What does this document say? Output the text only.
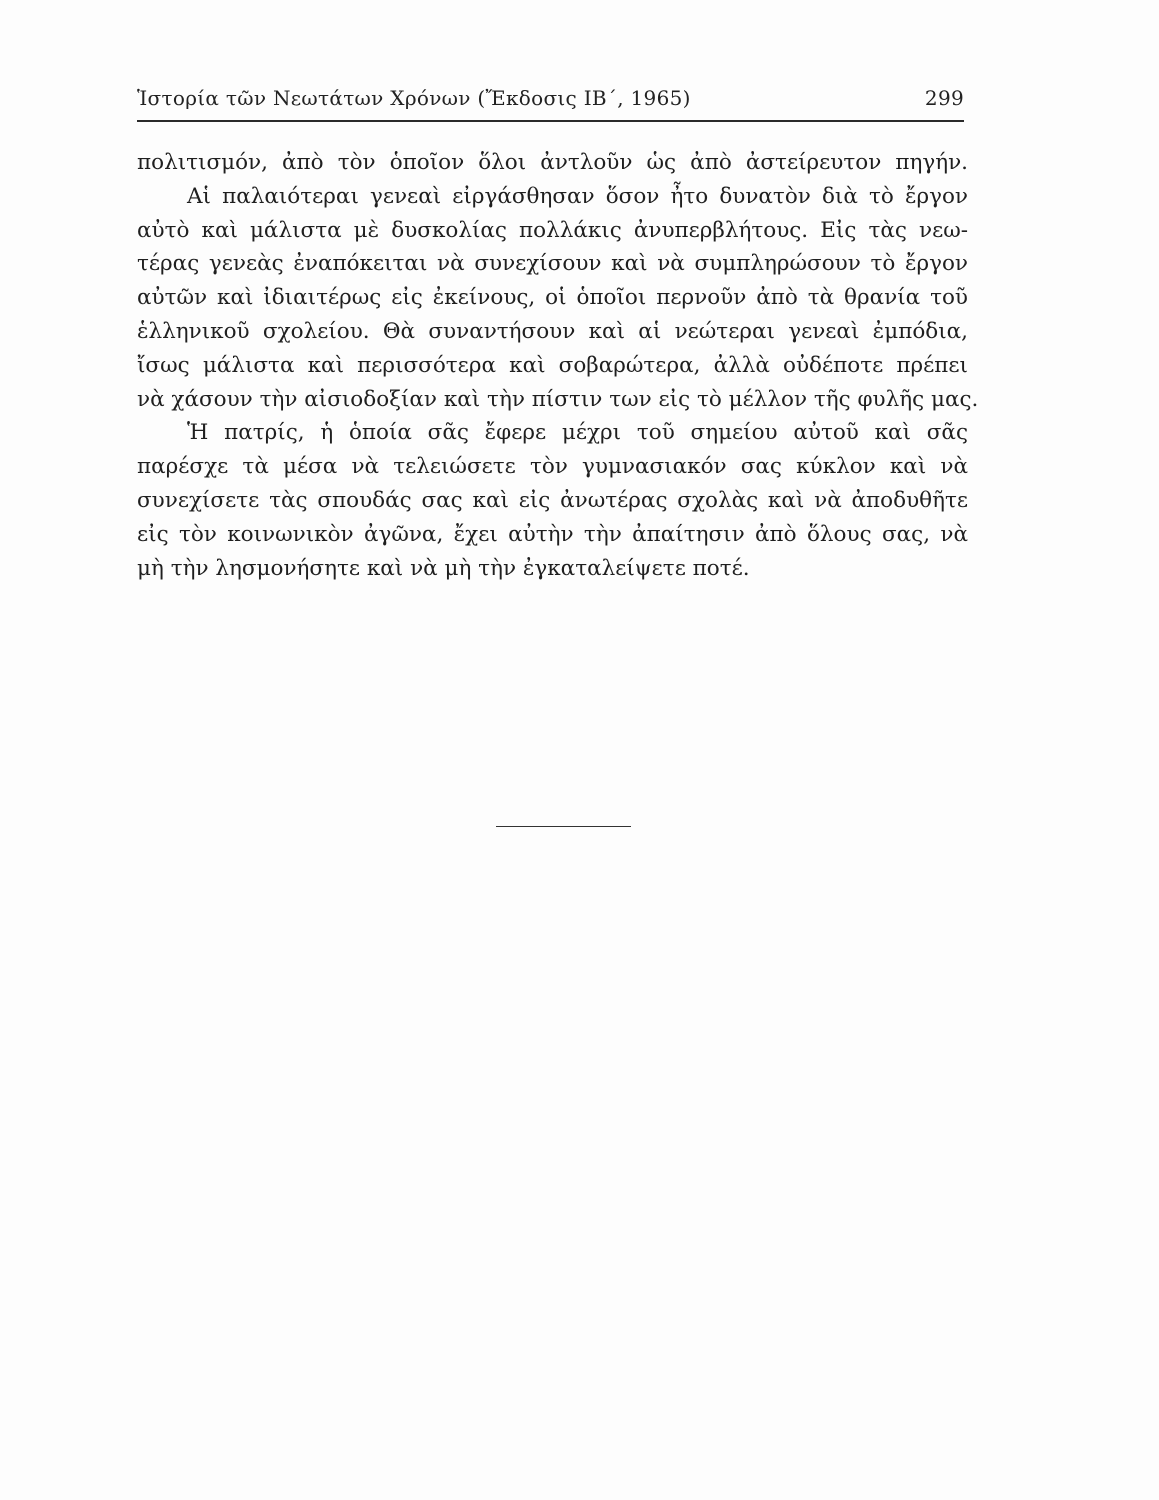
Ἱστορία τῶν Νεωτάτων Χρόνων (Ἔκδοσις ΙΒ΄, 1965)	299
πολιτισμόν, ἀπὸ τὸν ὁποῖον ὅλοι ἀντλοῦν ὡς ἀπὸ ἀστείρευτον πηγήν.
Αἱ παλαιότεραι γενεαὶ εἰργάσθησαν ὅσον ἦτο δυνατὸν διὰ τὸ ἔργον
αὐτὸ καὶ μάλιστα μὲ δυσκολίας πολλάκις ἀνυπερβλήτους. Εἰς τὰς νεω-
τέρας γενεὰς ἐναπόκειται νὰ συνεχίσουν καὶ νὰ συμπληρώσουν τὸ ἔργον
αὐτῶν καὶ ἰδιαιτέρως εἰς ἐκείνους, οἱ ὁποῖοι περνοῦν ἀπὸ τὰ θρανία τοῦ
ἑλληνικοῦ σχολείου. Θὰ συναντήσουν καὶ αἱ νεώτεραι γενεαὶ ἐμπόδια,
ἴσως μάλιστα καὶ περισσότερα καὶ σοβαρώτερα, ἀλλὰ οὐδέποτε πρέπει
νὰ χάσουν τὴν αἰσιοδοξίαν καὶ τὴν πίστιν των εἰς τὸ μέλλον τῆς φυλῆς μας.
Ἡ πατρίς, ἡ ὁποία σᾶς ἔφερε μέχρι τοῦ σημείου αὐτοῦ καὶ σᾶς
παρέσχε τὰ μέσα νὰ τελειώσετε τὸν γυμνασιακόν σας κύκλον καὶ νὰ
συνεχίσετε τὰς σπουδάς σας καὶ εἰς ἀνωτέρας σχολὰς καὶ νὰ ἀποδυθῆτε
εἰς τὸν κοινωνικὸν ἀγῶνα, ἔχει αὐτὴν τὴν ἀπαίτησιν ἀπὸ ὅλους σας, νὰ
μὴ τὴν λησμονήσητε καὶ νὰ μὴ τὴν ἐγκαταλείψετε ποτέ.
